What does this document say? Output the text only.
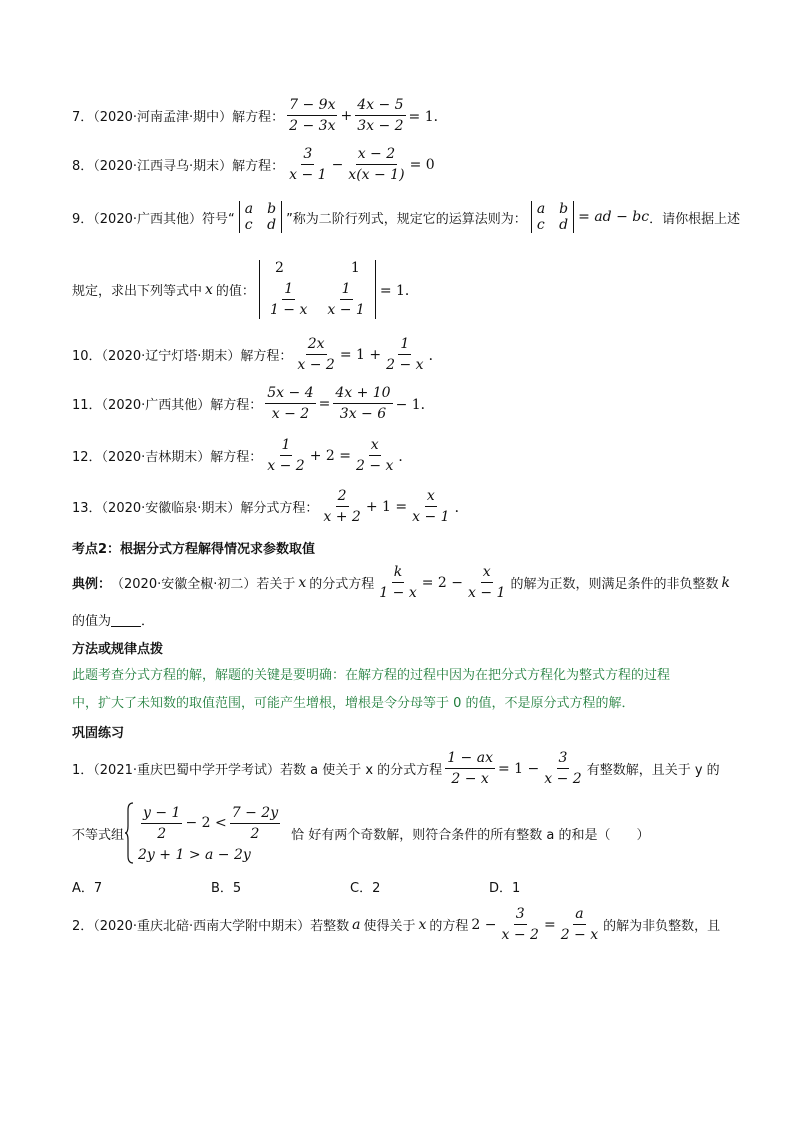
7．（2020·河南孟津·期中）解方程： $\frac{7 - 9x}{2 - 3x} + \frac{4x - 5}{3x - 2} = 1$．
8．（2020·江西寻乌·期末）解方程： $\frac{3}{x - 1} - \frac{x - 2}{x(x - 1)} = 0$
9．（2020·广西其他）符号“
a b
c d ”称为二阶行列式，规定它的运算法则为：
a b
c d = ad − bc ．请你根据上述
规定，求出下列等式中 x 的值：
2	1
$\frac{1}{1 - x} \frac{1}{x - 1} = 1$．
10．（2020·辽宁灯塔·期末）解方程： $\frac{2x}{x - 2} = 1 + \frac{1}{2 - x}$ ．
11．（2020·广西其他）解方程： $\frac{5x - 4}{x - 2} = \frac{4x + 10}{3x - 6} - 1$．
12．（2020·吉林期末）解方程： $\frac{1}{x - 2} + 2 = \frac{x}{2 - x}$ ．
13．（2020·安徽临泉·期末）解分式方程： $\frac{2}{x + 2} + 1 = \frac{x}{x - 1}$ ．
考点2：根据分式方程解得情况求参数取值
典例： （2020·安徽全椒·初二）若关于 x 的分式方程 $\frac{k}{1 - x} = 2 - \frac{x}{x - 1}$ 的解为正数，则满足条件的非负整数 k
的值为 ．
方法或规律点拨
此题考查分式方程的解，解题的关键是要明确：在解方程的过程中因为在把分式方程化为整式方程的过程
中，扩大了未知数的取值范围，可能产生增根，增根是令分母等于 0 的值，不是原分式方程的解．
巩固练习
1．（2021·重庆巴蜀中学开学考试）若数 a 使关于 x 的分式方程 $\frac{1 - ax}{2 - x} = 1 - \frac{3}{x - 2}$ 有整数解，且关于 y 的
不等式组 $\frac{y - 1}{2} - 2 < \frac{7 - 2y}{2}$
2y + 1 > a − 2y
恰 好有两个奇数解，则符合条件的所有整数 a 的和是（　　）
A．7	B．5	C．2	D．1
2．（2020·重庆北碚·西南大学附中期末）若整数 a 使得关于 x 的方程 $2 - \frac{3}{x - 2} = \frac{a}{2 - x}$ 的解为非负整数，且
